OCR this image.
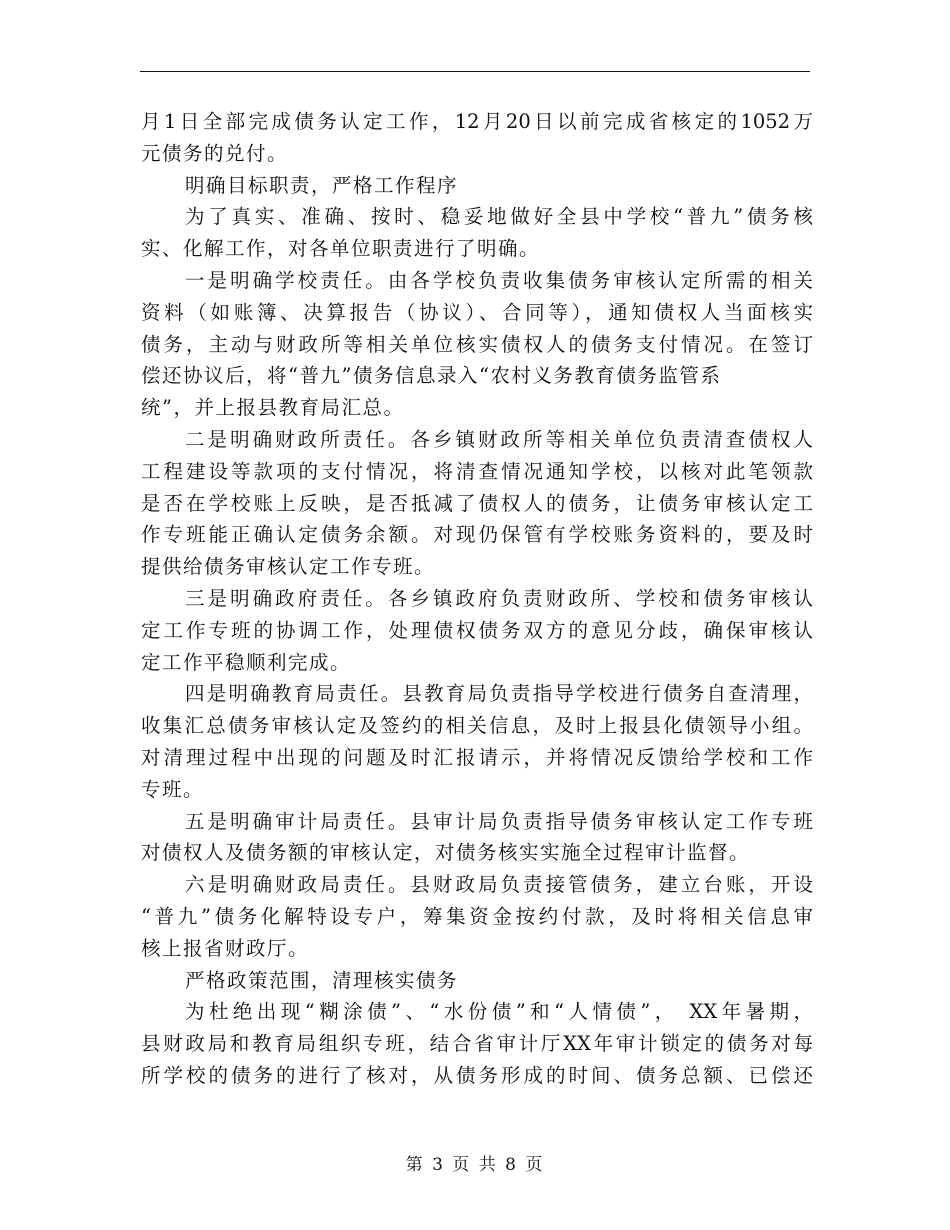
月1日全部完成债务认定工作，12月20日以前完成省核定的1052万
元债务的兑付。
明确目标职责，严格工作程序
为了真实、准确、按时、稳妥地做好全县中学校“普九”债务核
实、化解工作，对各单位职责进行了明确。
一是明确学校责任。由各学校负责收集债务审核认定所需的相关
资料（如账簿、决算报告（协议）、合同等），通知债权人当面核实
债务，主动与财政所等相关单位核实债权人的债务支付情况。在签订
偿还协议后，将“普九”债务信息录入“农村义务教育债务监管系
统”，并上报县教育局汇总。
二是明确财政所责任。各乡镇财政所等相关单位负责清查债权人
工程建设等款项的支付情况，将清查情况通知学校，以核对此笔领款
是否在学校账上反映，是否抵减了债权人的债务，让债务审核认定工
作专班能正确认定债务余额。对现仍保管有学校账务资料的，要及时
提供给债务审核认定工作专班。
三是明确政府责任。各乡镇政府负责财政所、学校和债务审核认
定工作专班的协调工作，处理债权债务双方的意见分歧，确保审核认
定工作平稳顺利完成。
四是明确教育局责任。县教育局负责指导学校进行债务自查清理，
收集汇总债务审核认定及签约的相关信息，及时上报县化债领导小组。
对清理过程中出现的问题及时汇报请示，并将情况反馈给学校和工作
专班。
五是明确审计局责任。县审计局负责指导债务审核认定工作专班
对债权人及债务额的审核认定，对债务核实实施全过程审计监督。
六是明确财政局责任。县财政局负责接管债务，建立台账，开设
“普九”债务化解特设专户，筹集资金按约付款，及时将相关信息审
核上报省财政厅。
严格政策范围，清理核实债务
为杜绝出现“糊涂债”、“水份债”和“人情债”， XX年暑期，
县财政局和教育局组织专班，结合省审计厅XX年审计锁定的债务对每
所学校的债务的进行了核对，从债务形成的时间、债务总额、已偿还
第 3 页 共 8 页
